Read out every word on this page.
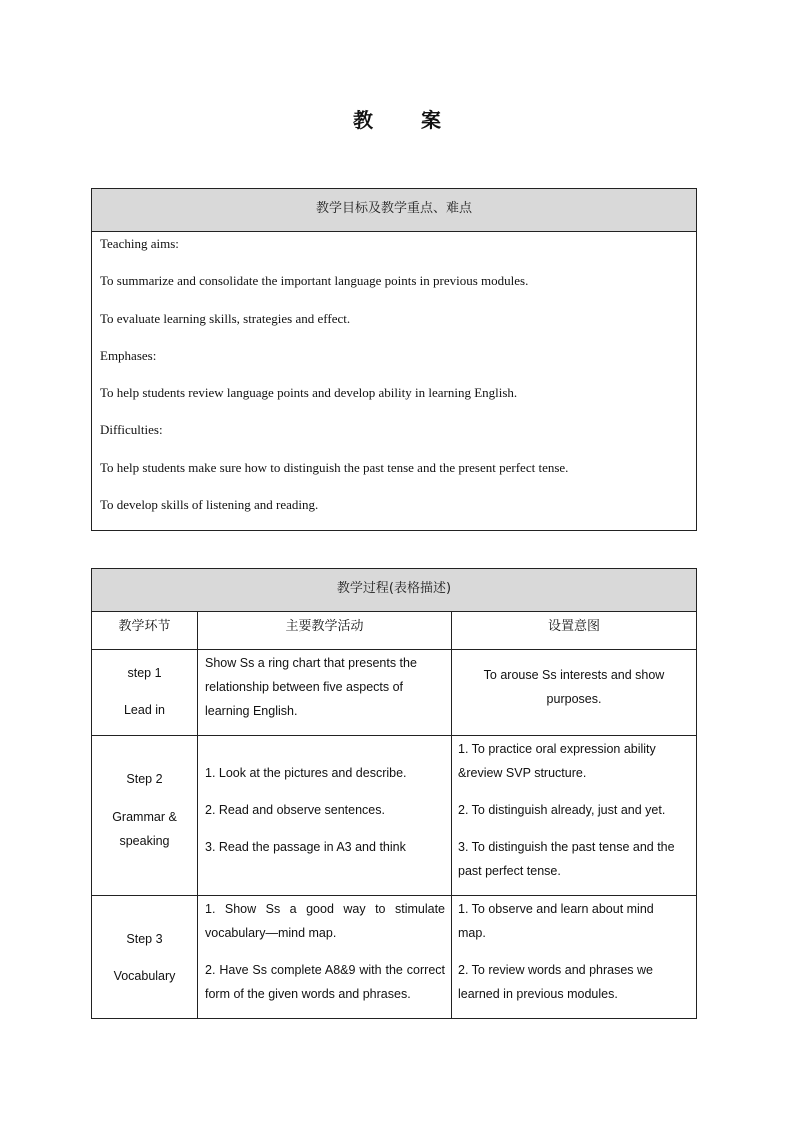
教 案
教学目标及教学重点、难点
Teaching aims:
To summarize and consolidate the important language points in previous modules.
To evaluate learning skills, strategies and effect.
Emphases:
To help students review language points and develop ability in learning English.
Difficulties:
To help students make sure how to distinguish the past tense and the present perfect tense.
To develop skills of listening and reading.
教学过程(表格描述)
教学环节	主要教学活动	设置意图

step 1

Lead in

Show Ss a ring chart that presents the relationship between five aspects of learning English.

To arouse Ss interests and show purposes.

Step 2

Grammar & speaking

1. Look at the pictures and describe.

2. Read and observe sentences.

3. Read the passage in A3 and think

1. To practice oral expression ability &review SVP structure.

2. To distinguish already, just and yet.

3. To distinguish the past tense and the past perfect tense.

Step 3

Vocabulary

1. Show Ss a good way to stimulate vocabulary—mind map.

2. Have Ss complete A8&9 with the correct form of the given words and phrases.

1. To observe and learn about mind map.

2. To review words and phrases we learned in previous modules.
